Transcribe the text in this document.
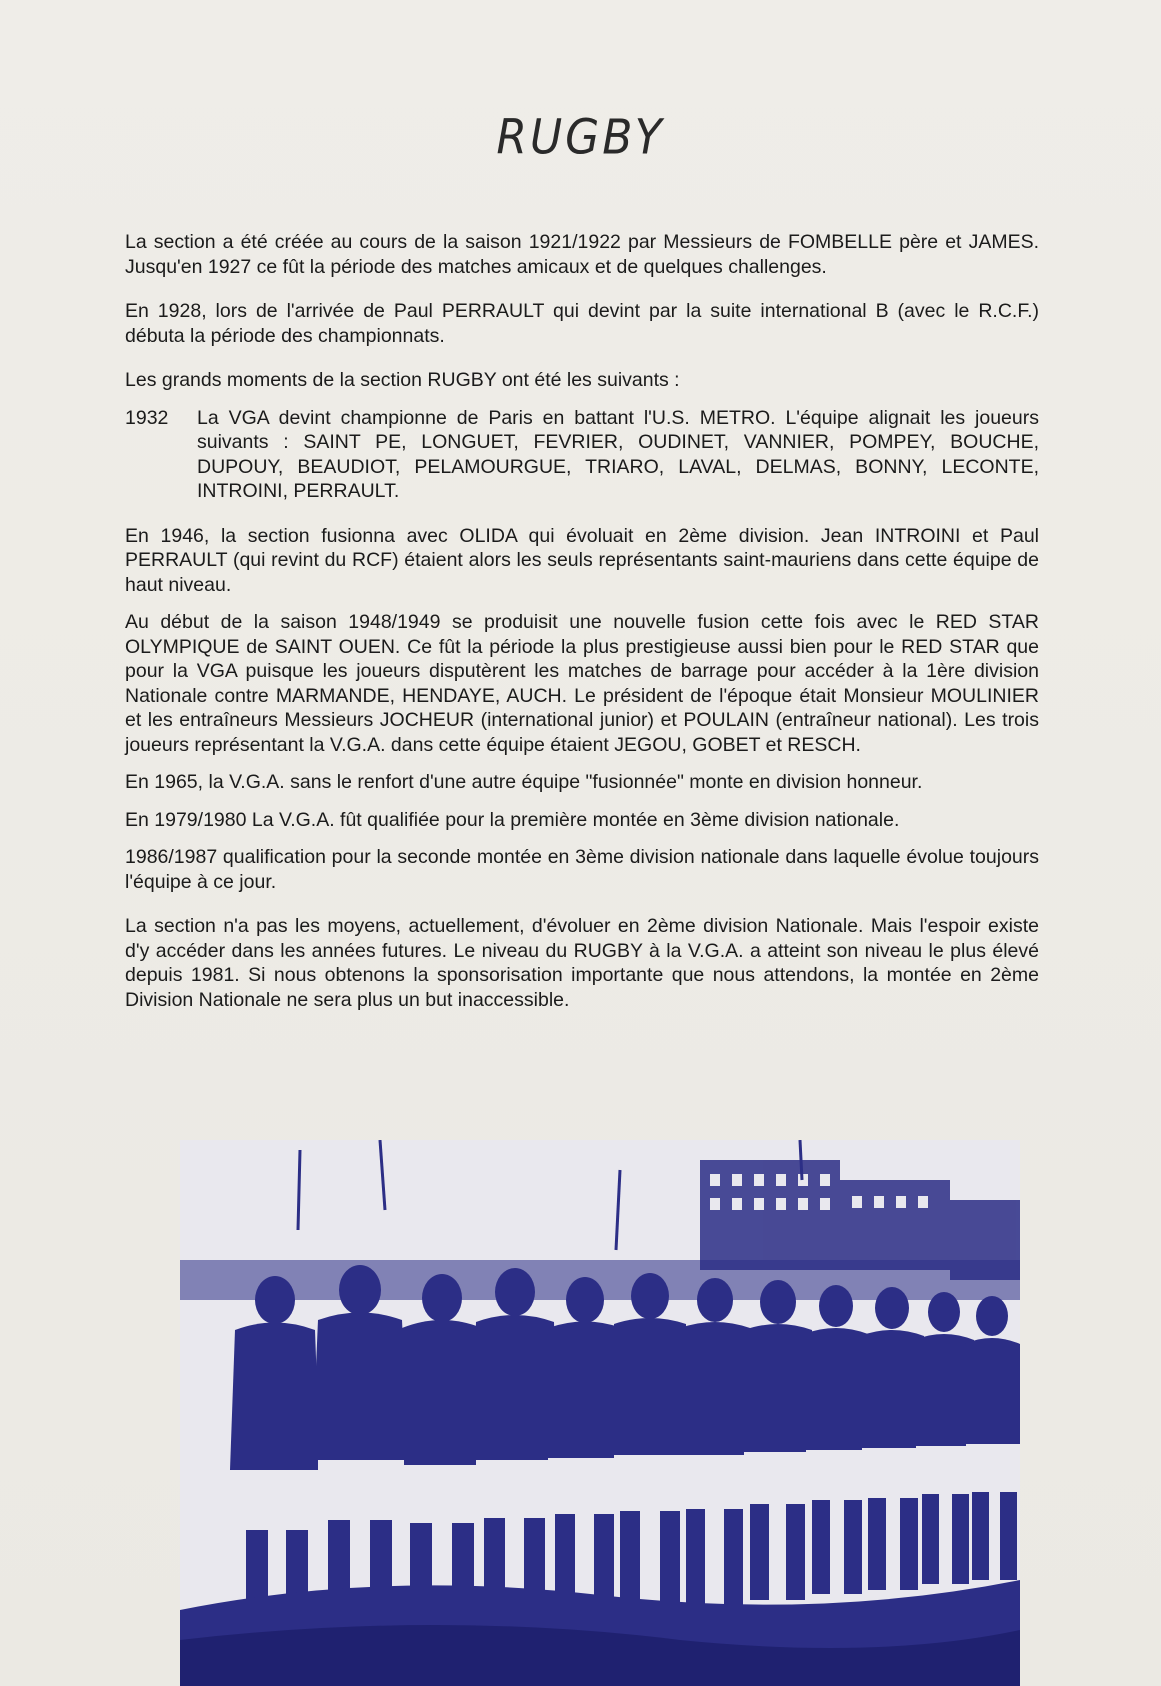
RUGBY

La section a été créée au cours de la saison 1921/1922 par Messieurs de FOMBELLE père et JAMES. Jusqu'en 1927 ce fût la période des matches amicaux et de quelques challenges.

En 1928, lors de l'arrivée de Paul PERRAULT qui devint par la suite international B (avec le R.C.F.) débuta la période des championnats.

Les grands moments de la section RUGBY ont été les suivants :

1932	La VGA devint championne de Paris en battant l'U.S. METRO. L'équipe alignait les joueurs suivants : SAINT PE, LONGUET, FEVRIER, OUDINET, VANNIER, POMPEY, BOUCHE, DUPOUY, BEAUDIOT, PELAMOURGUE, TRIARO, LAVAL, DELMAS, BONNY, LECONTE, INTROINI, PERRAULT.

En 1946, la section fusionna avec OLIDA qui évoluait en 2ème division. Jean INTROINI et Paul PERRAULT (qui revint du RCF) étaient alors les seuls représentants saint-mauriens dans cette équipe de haut niveau.

Au début de la saison 1948/1949 se produisit une nouvelle fusion cette fois avec le RED STAR OLYMPIQUE de SAINT OUEN. Ce fût la période la plus prestigieuse aussi bien pour le RED STAR que pour la VGA puisque les joueurs disputèrent les matches de barrage pour accéder à la 1ère division Nationale contre MARMANDE, HENDAYE, AUCH. Le président de l'époque était Monsieur MOULINIER et les entraîneurs Messieurs JOCHEUR (international junior) et POULAIN (entraîneur national). Les trois joueurs représentant la V.G.A. dans cette équipe étaient JEGOU, GOBET et RESCH.

En 1965, la V.G.A. sans le renfort d'une autre équipe "fusionnée" monte en division honneur.

En 1979/1980 La V.G.A. fût qualifiée pour la première montée en 3ème division nationale.

1986/1987 qualification pour la seconde montée en 3ème division nationale dans laquelle évolue toujours l'équipe à ce jour.

La section n'a pas les moyens, actuellement, d'évoluer en 2ème division Nationale. Mais l'espoir existe d'y accéder dans les années futures. Le niveau du RUGBY à la V.G.A. a atteint son niveau le plus élevé depuis 1981. Si nous obtenons la sponsorisation importante que nous attendons, la montée en 2ème Division Nationale ne sera plus un but inaccessible.
